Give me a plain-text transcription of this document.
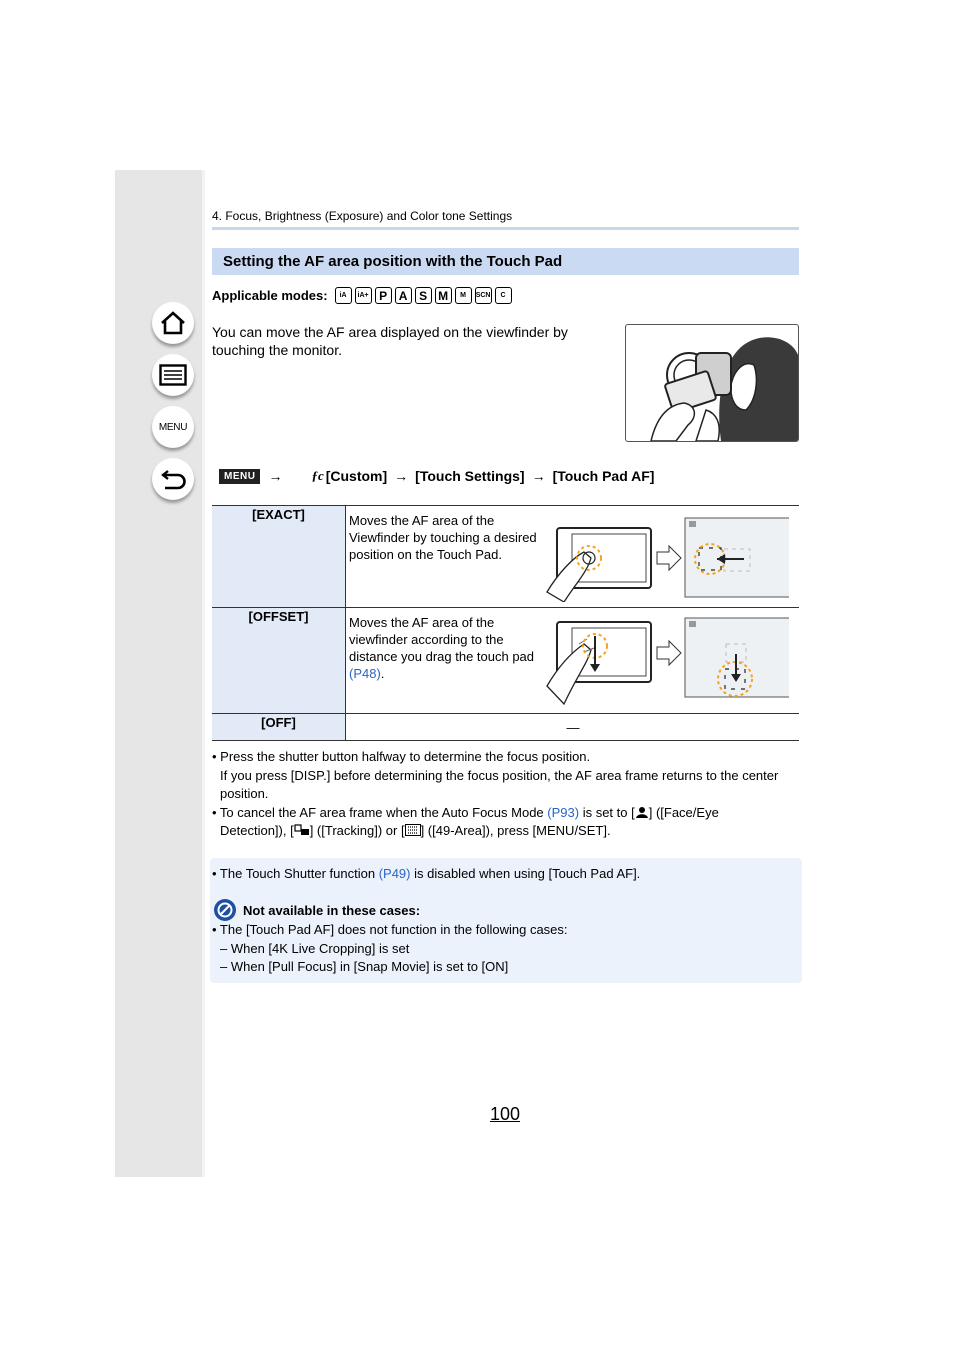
MENU
4. Focus, Brightness (Exposure) and Color tone Settings
Setting the AF area position with the Touch Pad
Applicable modes:	iA	iA+ P A S M	M	SCN	C
You can move the AF area displayed on the viewfinder by touching the monitor.
MENU → ƒc [Custom] → [Touch Settings] → [Touch Pad AF]
[EXACT]	Moves the AF area of the Viewfinder by touching a desired position on the Touch Pad.

[OFFSET]	Moves the AF area of the viewfinder according to the distance you drag the touch pad (P48).

[OFF]	—

• Press the shutter button halfway to determine the focus position.

If you press [DISP.] before determining the focus position, the AF area frame returns to the center position.

• To cancel the AF area frame when the Auto Focus Mode (P93) is set to [ ] ([Face/Eye

Detection]), [ ] ([Tracking]) or [ ] ([49-Area]), press [MENU/SET].

• The Touch Shutter function (P49) is disabled when using [Touch Pad AF].
Not available in these cases:

• The [Touch Pad AF] does not function in the following cases:

– When [4K Live Cropping] is set

– When [Pull Focus] in [Snap Movie] is set to [ON]

100
